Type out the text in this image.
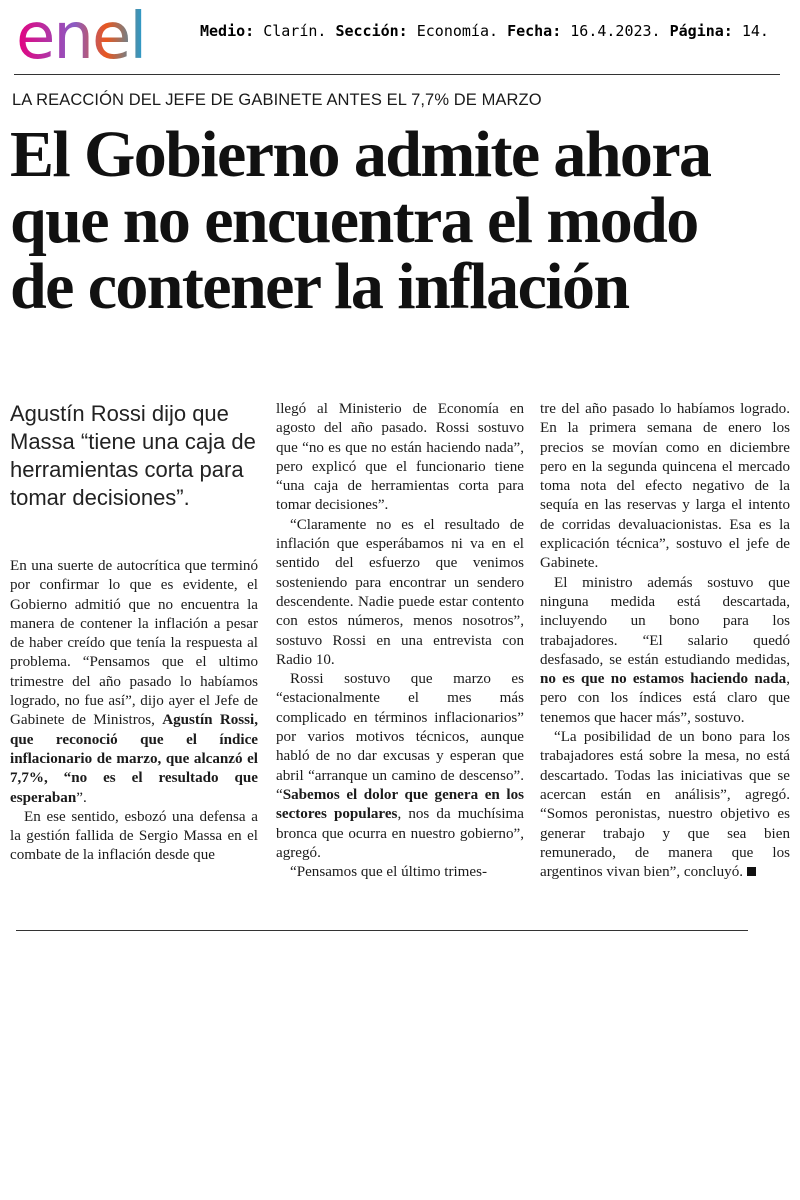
enel	Medio: Clarín. Sección: Economía. Fecha: 16.4.2023. Página: 14.
LA REACCIÓN DEL JEFE DE GABINETE ANTES EL 7,7% DE MARZO
El Gobierno admite ahora
que no encuentra el modo
de contener la inflación
Agustín Rossi dijo que Massa “tiene una caja de herramientas corta para tomar decisiones”.

En una suerte de autocrítica que terminó por confirmar lo que es evidente, el Gobierno admitió que no encuentra la manera de contener la inflación a pesar de haber creído que tenía la respuesta al problema. “Pensamos que el ultimo trimestre del año pasado lo habíamos logrado, no fue así”, dijo ayer el Jefe de Gabinete de Ministros, Agustín Rossi, que reconoció que el índice inflacionario de marzo, que alcanzó el 7,7%, “no es el resultado que esperaban”.

En ese sentido, esbozó una defensa a la gestión fallida de Sergio Massa en el combate de la inflación desde que

llegó al Ministerio de Economía en agosto del año pasado. Rossi sostuvo que “no es que no están haciendo nada”, pero explicó que el funcionario tiene “una caja de herramientas corta para tomar decisiones”.

“Claramente no es el resultado de inflación que esperábamos ni va en el sentido del esfuerzo que venimos sosteniendo para encontrar un sendero descendente. Nadie puede estar contento con estos números, menos nosotros”, sostuvo Rossi en una entrevista con Radio 10.

Rossi sostuvo que marzo es “estacionalmente el mes más complicado en términos inflacionarios” por varios motivos técnicos, aunque habló de no dar excusas y esperan que abril “arranque un camino de descenso”. “Sabemos el dolor que genera en los sectores populares, nos da muchísima bronca que ocurra en nuestro gobierno”, agregó.

“Pensamos que el último trimes-

tre del año pasado lo habíamos logrado. En la primera semana de enero los precios se movían como en diciembre pero en la segunda quincena el mercado toma nota del efecto negativo de la sequía en las reservas y larga el intento de corridas devaluacionistas. Esa es la explicación técnica”, sostuvo el jefe de Gabinete.

El ministro además sostuvo que ninguna medida está descartada, incluyendo un bono para los trabajadores. “El salario quedó desfasado, se están estudiando medidas, no es que no estamos haciendo nada, pero con los índices está claro que tenemos que hacer más”, sostuvo.

“La posibilidad de un bono para los trabajadores está sobre la mesa, no está descartado. Todas las iniciativas que se acercan están en análisis”, agregó. “Somos peronistas, nuestro objetivo es generar trabajo y que sea bien remunerado, de manera que los argentinos vivan bien”, concluyó.
